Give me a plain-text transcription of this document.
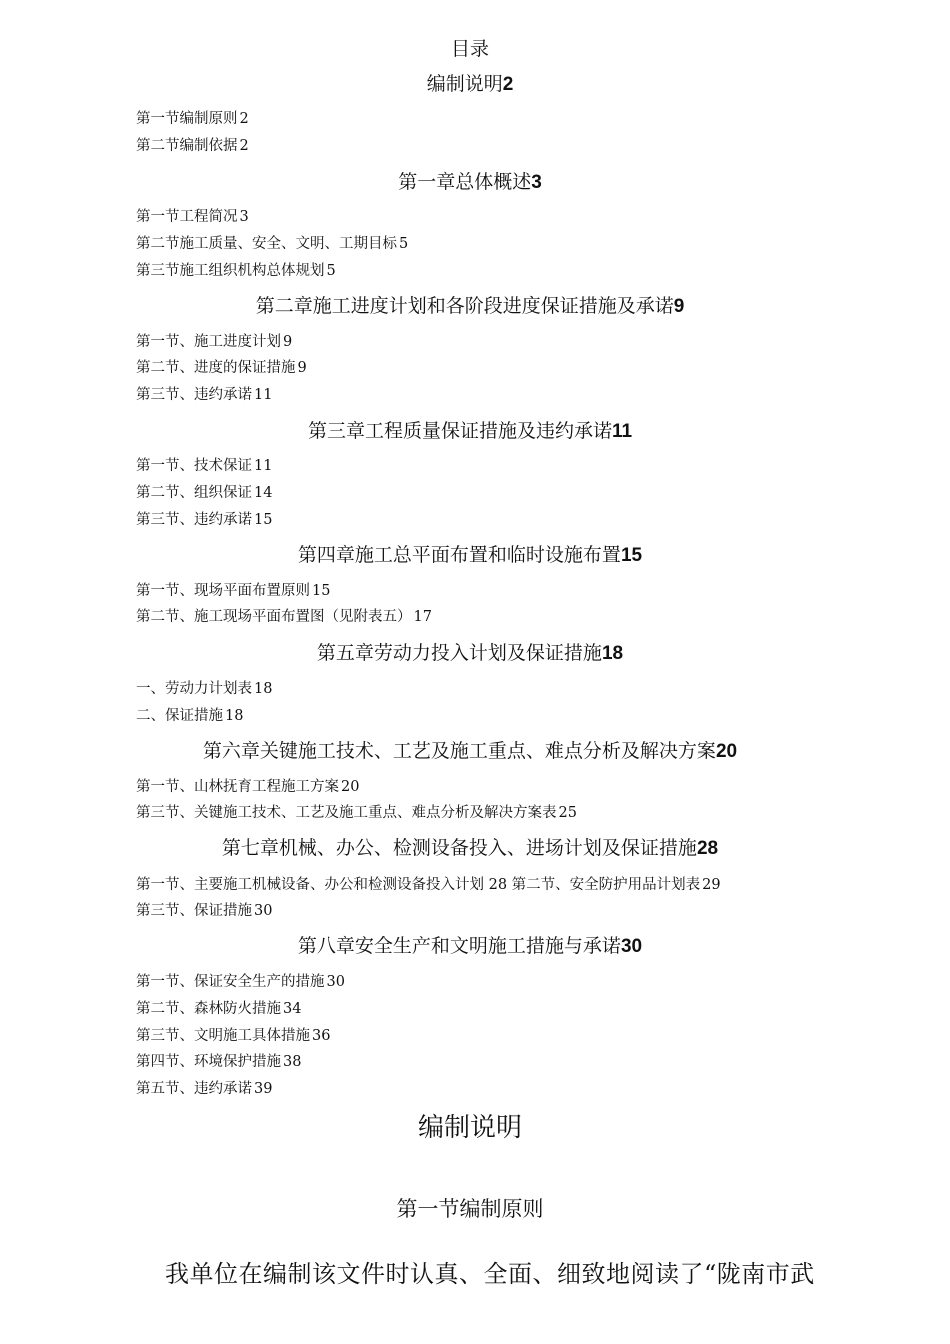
目录
编制说明2
第一节编制原则 2
第二节编制依据 2
第一章总体概述3
第一节工程简况 3
第二节施工质量、安全、文明、工期目标 5
第三节施工组织机构总体规划 5
第二章施工进度计划和各阶段进度保证措施及承诺9
第一节、施工进度计划 9
第二节、进度的保证措施 9
第三节、违约承诺 11
第三章工程质量保证措施及违约承诺11
第一节、技术保证 11
第二节、组织保证 14
第三节、违约承诺 15
第四章施工总平面布置和临时设施布置15
第一节、现场平面布置原则 15
第二节、施工现场平面布置图（见附表五） 17
第五章劳动力投入计划及保证措施18
一、劳动力计划表 18
二、保证措施 18
第六章关键施工技术、工艺及施工重点、难点分析及解决方案20
第一节、山林抚育工程施工方案 20
第三节、关键施工技术、工艺及施工重点、难点分析及解决方案表 25
第七章机械、办公、检测设备投入、进场计划及保证措施28
第一节、主要施工机械设备、办公和检测设备投入计划 28 第二节、安全防护用品计划表 29
第三节、保证措施 30
第八章安全生产和文明施工措施与承诺30
第一节、保证安全生产的措施 30
第二节、森林防火措施 34
第三节、文明施工具体措施 36
第四节、环境保护措施 38
第五节、违约承诺 39
编制说明
第一节编制原则
我单位在编制该文件时认真、全面、细致地阅读了“陇南市武
